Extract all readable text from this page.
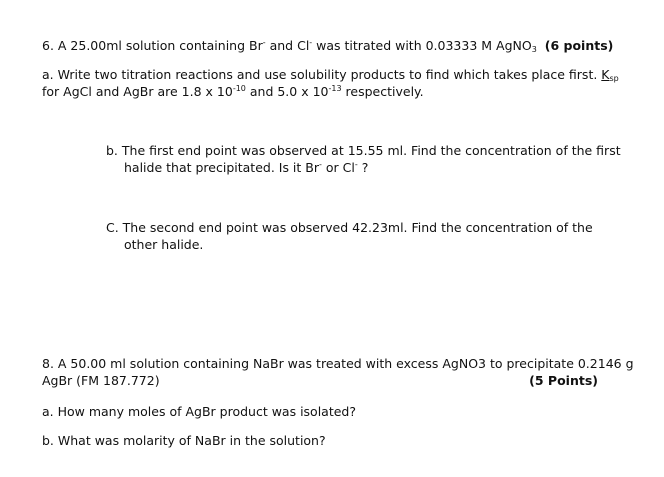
6. A 25.00ml solution containing Br- and Cl- was titrated with 0.03333 M AgNO$_3$ (6 points)
a. Write two titration reactions and use solubility products to find which takes place first. $K_{sp}$
for AgCl and AgBr are 1.8 x $10^{-10}$ and 5.0 x $10^{-13}$ respectively.
b. The first end point was observed at 15.55 ml. Find the concentration of the first
halide that precipitated. Is it Br- or Cl- ?
C. The second end point was observed 42.23ml. Find the concentration of the
other halide.
8. A 50.00 ml solution containing NaBr was treated with excess AgNO3 to precipitate 0.2146 g
AgBr (FM 187.772)	(5 Points)
a. How many moles of AgBr product was isolated?
b. What was molarity of NaBr in the solution?
